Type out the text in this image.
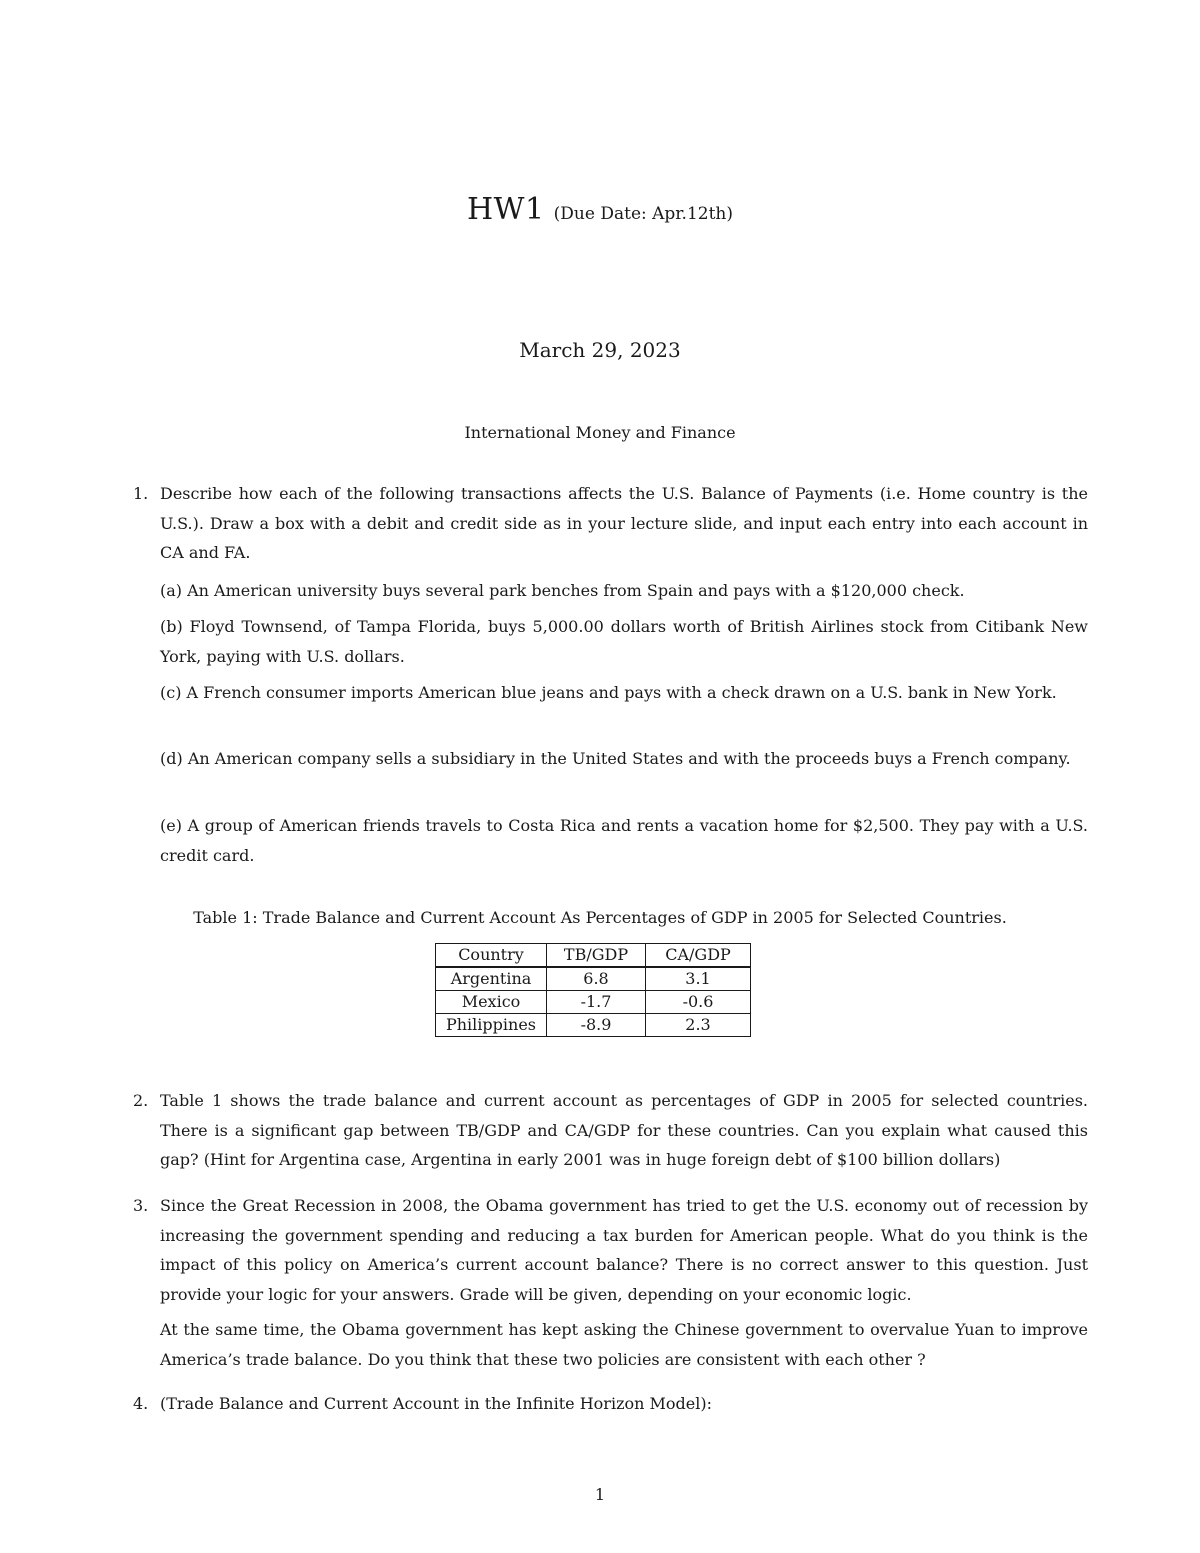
HW1 (Due Date: Apr.12th)
March 29, 2023
International Money and Finance
1. Describe how each of the following transactions affects the U.S. Balance of Payments (i.e. Home country is the U.S.). Draw a box with a debit and credit side as in your lecture slide, and input each entry into each account in CA and FA.
(a) An American university buys several park benches from Spain and pays with a $120,000 check.
(b) Floyd Townsend, of Tampa Florida, buys 5,000.00 dollars worth of British Airlines stock from Citibank New York, paying with U.S. dollars.
(c) A French consumer imports American blue jeans and pays with a check drawn on a U.S. bank in New York.
(d) An American company sells a subsidiary in the United States and with the proceeds buys a French company.
(e) A group of American friends travels to Costa Rica and rents a vacation home for $2,500. They pay with a U.S. credit card.
Table 1: Trade Balance and Current Account As Percentages of GDP in 2005 for Selected Countries.
Country	TB/GDP	CA/GDP
Argentina	6.8	3.1
Mexico	-1.7	-0.6
Philippines	-8.9	2.3
2. Table 1 shows the trade balance and current account as percentages of GDP in 2005 for selected countries. There is a significant gap between TB/GDP and CA/GDP for these countries. Can you explain what caused this gap? (Hint for Argentina case, Argentina in early 2001 was in huge foreign debt of $100 billion dollars)
3. Since the Great Recession in 2008, the Obama government has tried to get the U.S. economy out of recession by increasing the government spending and reducing a tax burden for American people. What do you think is the impact of this policy on America’s current account balance? There is no correct answer to this question. Just provide your logic for your answers. Grade will be given, depending on your economic logic.
At the same time, the Obama government has kept asking the Chinese government to overvalue Yuan to improve America’s trade balance. Do you think that these two policies are consistent with each other ?
4. (Trade Balance and Current Account in the Infinite Horizon Model):
1
